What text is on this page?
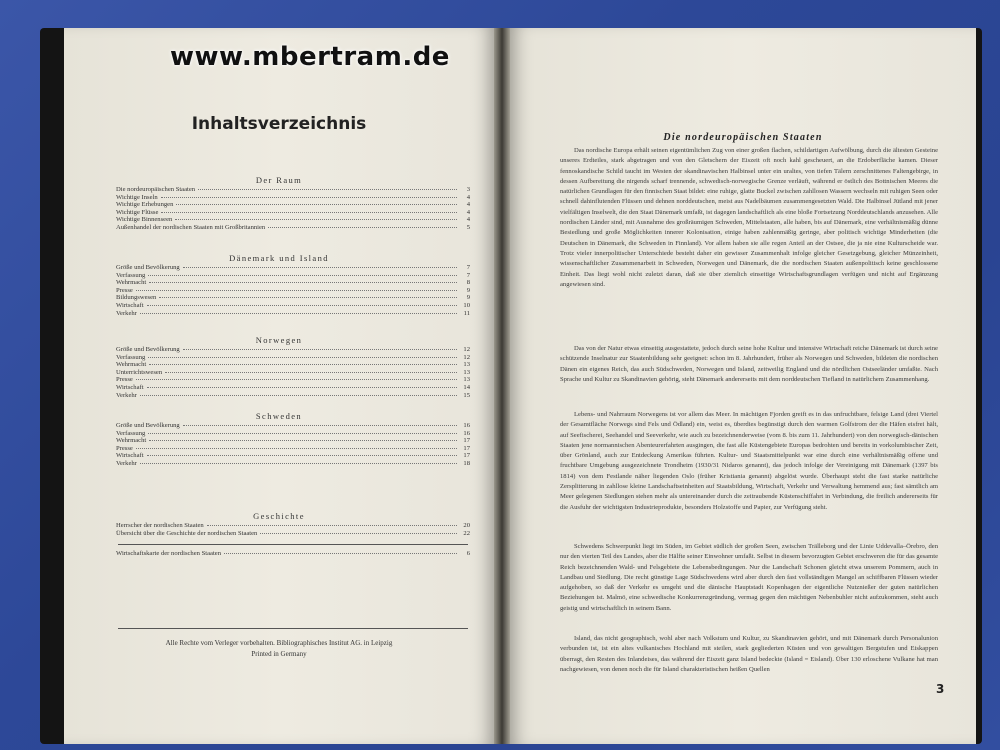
Inhaltsverzeichnis
Der Raum
Die nordeuropäischen Staaten	3
Wichtige Inseln	4
Wichtige Erhebungen	4
Wichtige Flüsse	4
Wichtige Binnenseen	4
Außenhandel der nordischen Staaten mit Großbritannien	5
Dänemark und Island
Größe und Bevölkerung	7
Verfassung	7
Wehrmacht	8
Presse	9
Bildungswesen	9
Wirtschaft	10
Verkehr	11
Norwegen
Größe und Bevölkerung	12
Verfassung	12
Wehrmacht	13
Unterrichtswesen	13
Presse	13
Wirtschaft	14
Verkehr	15
Schweden
Größe und Bevölkerung	16
Verfassung	16
Wehrmacht	17
Presse	17
Wirtschaft	17
Verkehr	18
Geschichte
Herrscher der nordischen Staaten	20
Übersicht über die Geschichte der nordischen Staaten	22
Wirtschaftskarte der nordischen Staaten	6
Alle Rechte vom Verleger vorbehalten. Bibliographisches Institut AG. in Leipzig
Printed in Germany
Die nordeuropäischen Staaten
Das nordische Europa erhält seinen eigentümlichen Zug von einer großen flachen, schildartigen Aufwölbung, durch die ältesten Gesteine unseres Erdteiles, stark abgetragen und von den Gletschern der Eiszeit oft noch kahl gescheuert, an die Erdoberfläche kamen. Dieser fennoskandische Schild taucht im Westen der skandinavischen Halbinsel unter ein uraltes, von tiefen Tälern zerschnittenes Faltengebirge, in dessen Aufbereitung die nirgends scharf trennende, schwedisch-norwegische Grenze verläuft, während er östlich des Bottnischen Meeres die natürlichen Grundlagen für den finnischen Staat bildet: eine ruhige, glatte Buckel zwischen zahllosen Wassern wechseln mit ruhigen Seen oder schnell dahinflutenden Flüssen und dehnen norddeutschen, meist aus Nadelbäumen zusammengesetzten Wald. Die Halbinsel Jütland mit jener vielfältigen Inselwelt, die den Staat Dänemark umfaßt, ist dagegen landschaftlich als eine bloße Fortsetzung Norddeutschlands anzusehen. Alle nordischen Länder sind, mit Ausnahme des großräumigen Schweden, Mittelstaaten, alle haben, bis auf Dänemark, eine verhältnismäßig dünne Besiedlung und große Möglichkeiten innerer Kolonisation, einige haben zahlenmäßig geringe, aber politisch wichtige Minderheiten (die Deutschen in Dänemark, die Schweden in Finnland). Vor allem haben sie alle regen Anteil an der Ostsee, die ja nie eine Kulturscheide war. Trotz vieler innerpolitischer Unterschiede besteht daher ein gewisser Zusammenhalt infolge gleicher Gesetzgebung, gleicher Münzeinheit, wissenschaftlicher Zusammenarbeit in Schweden, Norwegen und Dänemark, die die nordischen Staaten außenpolitisch keine geschlossene Einheit. Das liegt wohl nicht zuletzt daran, daß sie über ziemlich einseitige Wirtschaftsgrundlagen verfügen und nicht auf Ergänzung angewiesen sind.
Das von der Natur etwas einseitig ausgestattete, jedoch durch seine hohe Kultur und intensive Wirtschaft reiche Dänemark ist durch seine schützende Inselnatur zur Staatenbildung sehr geeignet: schon im 8. Jahrhundert, früher als Norwegen und Schweden, bildeten die nordischen Dänen ein eigenes Reich, das auch Südschweden, Norwegen und Island, zeitweilig England und die nördlichen Ostseeländer umfaßte. Nach Sprache und Kultur zu Skandinavien gehörig, steht Dänemark andererseits mit dem norddeutschen Tiefland in natürlichem Zusammenhang.
Lebens- und Nahrraum Norwegens ist vor allem das Meer. In mächtigen Fjorden greift es in das unfruchtbare, felsige Land (drei Viertel der Gesamtfläche Norwegs sind Fels und Ödland) ein, weist es, überdies begünstigt durch den warmen Golfstrom der die Häfen eisfrei hält, auf Seefischerei, Seehandel und Seeverkehr, wie auch zu bezeichnenderweise (vom 8. bis zum 11. Jahrhundert) von den norwegisch-dänischen Staaten jene normannischen Abenteurerfahrten ausgingen, die fast alle Küstengebiete Europas bedrohten und bereits in vorkolumbischer Zeit, über Grönland, auch zur Entdeckung Amerikas führten. Kultur- und Staatsmittelpunkt war eine durch eine verhältnismäßig offene und fruchtbare Umgebung ausgezeichnete Trondheim (1930/31 Nidaros genannt), das jedoch infolge der Vereinigung mit Dänemark (1397 bis 1814) von dem Festlande näher liegenden Oslo (früher Kristiania genannt) abgelöst wurde. Überhaupt steht die fast starke natürliche Zersplitterung in zahllose kleine Landschaftseinheiten auf Staatsbildung, Wirtschaft, Verkehr und Verwaltung hemmend aus; fast sämtlich am Meer gelegenen Siedlungen stehen mehr als untereinander durch die zeitraubende Küstenschiffahrt in Verbindung, die freilich andererseits für die Ausfuhr der wichtigsten Industrieprodukte, besonders Holzstoffe und Papier, zur Verfügung steht.
Schwedens Schwerpunkt liegt im Süden, im Gebiet südlich der großen Seen, zwischen Trälleborg und der Linie Uddevalla–Örebro, den nur den vierten Teil des Landes, aber die Hälfte seiner Einwohner umfaßt. Selbst in diesem bevorzugten Gebiet erschweren die für das gesamte Reich bezeichnenden Wald- und Felsgebiete die Lebensbedingungen. Nur die Landschaft Schonen gleicht etwa unserem Pommern, auch in Landbau und Siedlung. Die recht günstige Lage Südschwedens wird aber durch den fast vollständigen Mangel an schiffbaren Flüssen wieder aufgehoben, so daß der Verkehr es umgeht und die dänische Hauptstadt Kopenhagen der eigentliche Nutznießer der guten natürlichen Beziehungen ist. Malmö, eine schwedische Konkurrenzgründung, vermag gegen den mächtigen Nebenbuhler nicht aufzukommen, steht auch geistig und wirtschaftlich in seinem Bann.
Island, das nicht geographisch, wohl aber nach Volkstum und Kultur, zu Skandinavien gehört, und mit Dänemark durch Personalunion verbunden ist, ist ein altes vulkanisches Hochland mit steilen, stark gegliederten Küsten und von gewaltigen Bergstufen und Eiskappen überragt, den Resten des Inlandeises, das während der Eiszeit ganz Island bedeckte (Island = Eisland). Über 130 erloschene Vulkane hat man nachgewiesen, von denen noch die für Island charakteristischen heißen Quellen
3
www.mbertram.de
